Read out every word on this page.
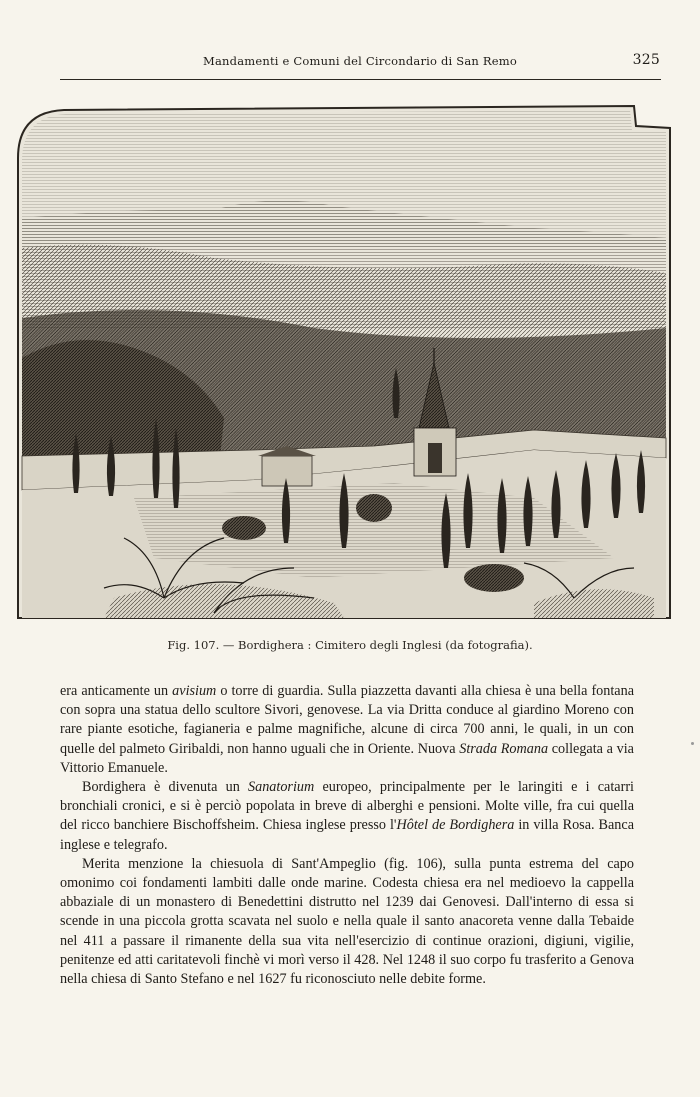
Mandamenti e Comuni del Circondario di San Remo	325
Fig. 107. — Bordighera : Cimitero degli Inglesi (da fotografia).

era anticamente un avisium o torre di guardia. Sulla piazzetta davanti alla chiesa è una bella fontana con sopra una statua dello scultore Sivori, genovese. La via Dritta conduce al giardino Moreno con rare piante esotiche, fagianeria e palme magnifiche, alcune di circa 700 anni, le quali, in un con quelle del palmeto Giribaldi, non hanno uguali che in Oriente. Nuova Strada Romana collegata a via Vittorio Emanuele.

Bordighera è divenuta un Sanatorium europeo, principalmente per le laringiti e i catarri bronchiali cronici, e si è perciò popolata in breve di alberghi e pensioni. Molte ville, fra cui quella del ricco banchiere Bischoffsheim. Chiesa inglese presso l'Hôtel de Bordighera in villa Rosa. Banca inglese e telegrafo.

Merita menzione la chiesuola di Sant'Ampeglio (fig. 106), sulla punta estrema del capo omonimo coi fondamenti lambiti dalle onde marine. Codesta chiesa era nel medioevo la cappella abbaziale di un monastero di Benedettini distrutto nel 1239 dai Genovesi. Dall'interno di essa si scende in una piccola grotta scavata nel suolo e nella quale il santo anacoreta venne dalla Tebaide nel 411 a passare il rimanente della sua vita nell'esercizio di continue orazioni, digiuni, vigilie, penitenze ed atti caritatevoli finchè vi morì verso il 428. Nel 1248 il suo corpo fu trasferito a Genova nella chiesa di Santo Stefano e nel 1627 fu riconosciuto nelle debite forme.
